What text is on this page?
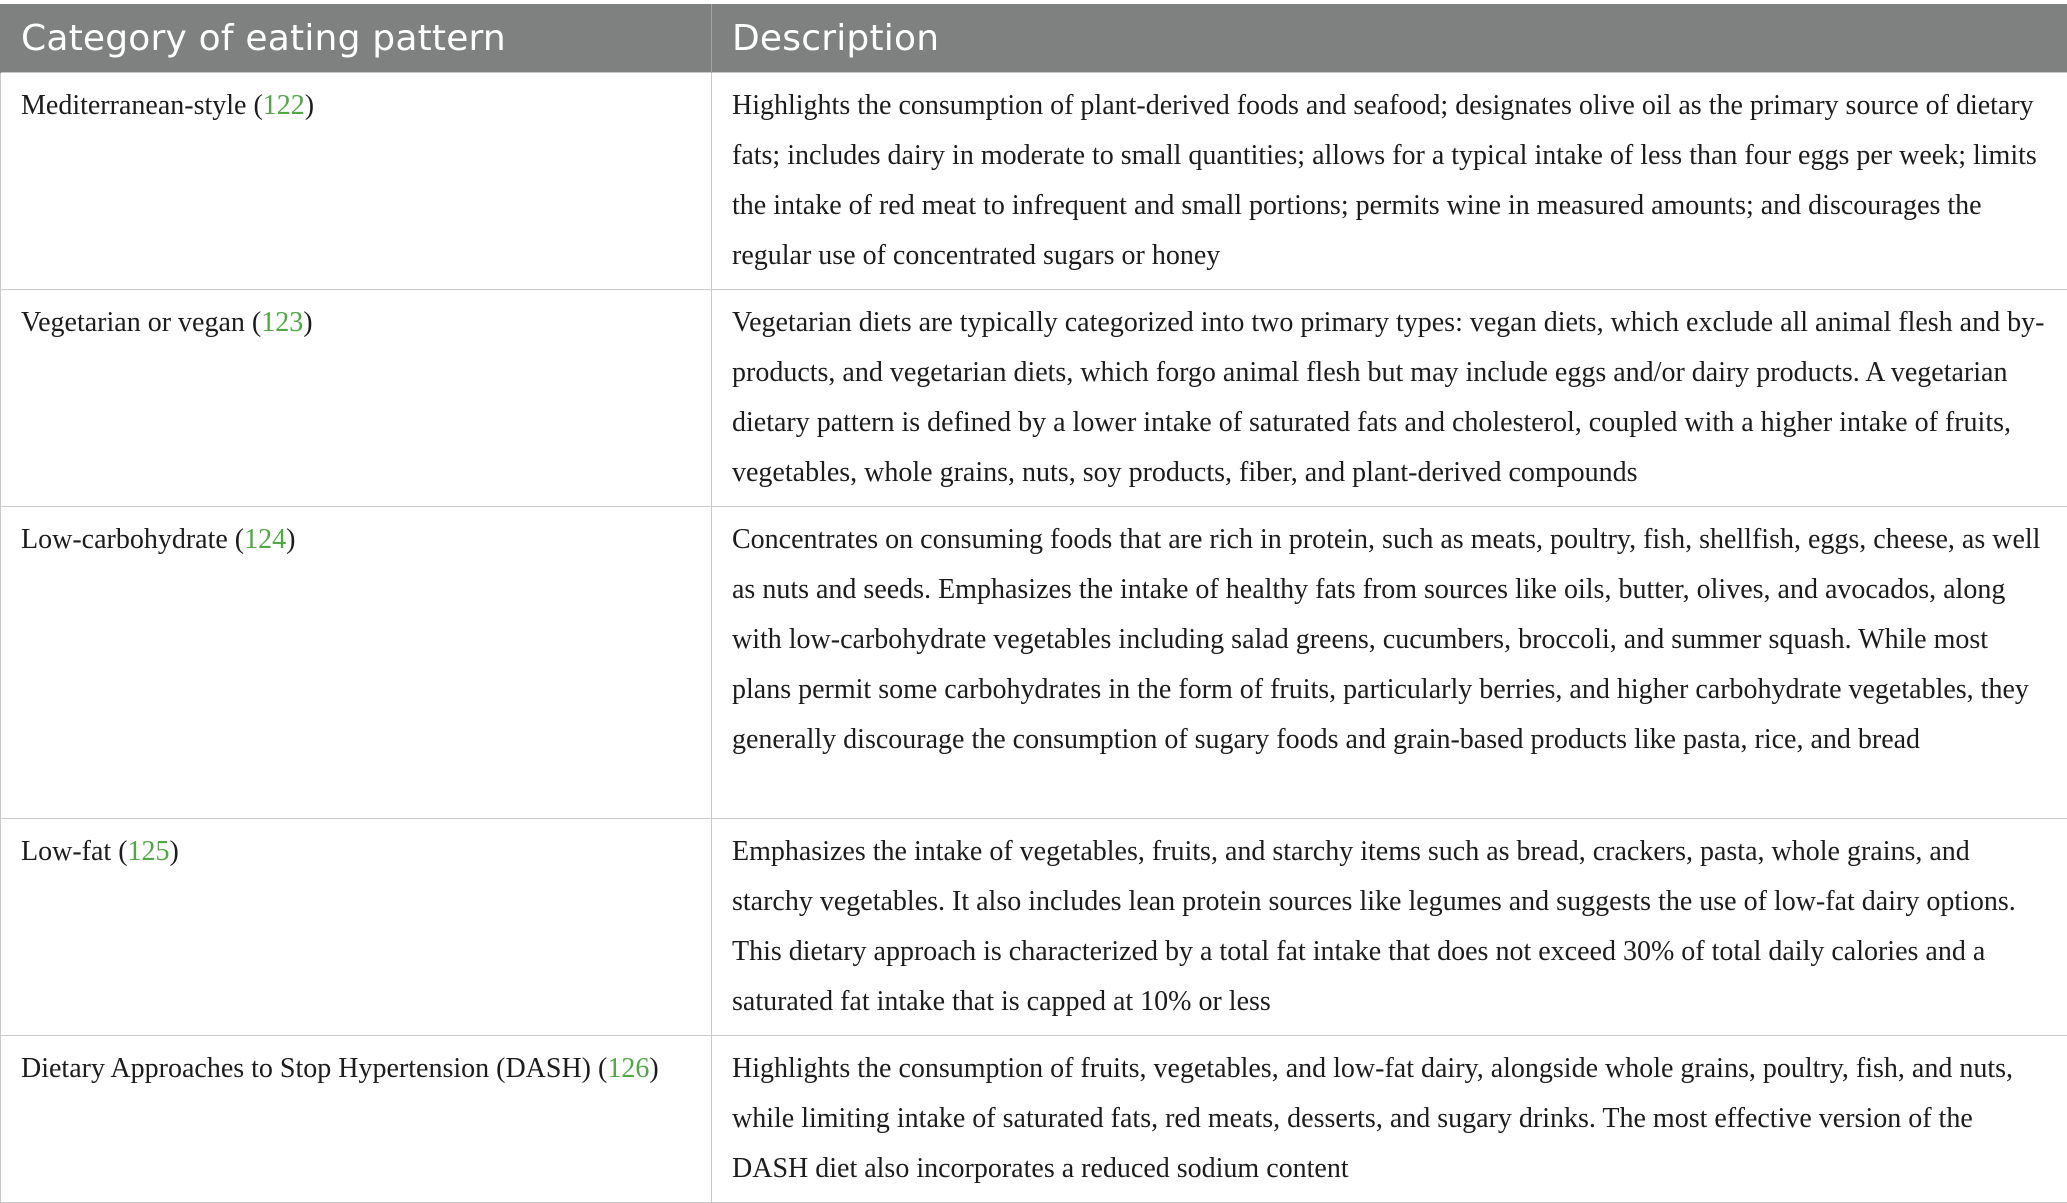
Category of eating pattern	Description
Mediterranean-style (122)	Highlights the consumption of plant-derived foods and seafood; designates olive oil as the primary source of dietary fats; includes dairy in moderate to small quantities; allows for a typical intake of less than four eggs per week; limits the intake of red meat to infrequent and small portions; permits wine in measured amounts; and discourages the regular use of concentrated sugars or honey
Vegetarian or vegan (123)	Vegetarian diets are typically categorized into two primary types: vegan diets, which exclude all animal flesh and by-products, and vegetarian diets, which forgo animal flesh but may include eggs and/or dairy products. A vegetarian dietary pattern is defined by a lower intake of saturated fats and cholesterol, coupled with a higher intake of fruits, vegetables, whole grains, nuts, soy products, fiber, and plant-derived compounds
Low-carbohydrate (124)	Concentrates on consuming foods that are rich in protein, such as meats, poultry, fish, shellfish, eggs, cheese, as well as nuts and seeds. Emphasizes the intake of healthy fats from sources like oils, butter, olives, and avocados, along with low-carbohydrate vegetables including salad greens, cucumbers, broccoli, and summer squash. While most plans permit some carbohydrates in the form of fruits, particularly berries, and higher carbohydrate vegetables, they generally discourage the consumption of sugary foods and grain-based products like pasta, rice, and bread
Low-fat (125)	Emphasizes the intake of vegetables, fruits, and starchy items such as bread, crackers, pasta, whole grains, and starchy vegetables. It also includes lean protein sources like legumes and suggests the use of low-fat dairy options. This dietary approach is characterized by a total fat intake that does not exceed 30% of total daily calories and a saturated fat intake that is capped at 10% or less
Dietary Approaches to Stop Hypertension (DASH) (126)	Highlights the consumption of fruits, vegetables, and low-fat dairy, alongside whole grains, poultry, fish, and nuts, while limiting intake of saturated fats, red meats, desserts, and sugary drinks. The most effective version of the DASH diet also incorporates a reduced sodium content
